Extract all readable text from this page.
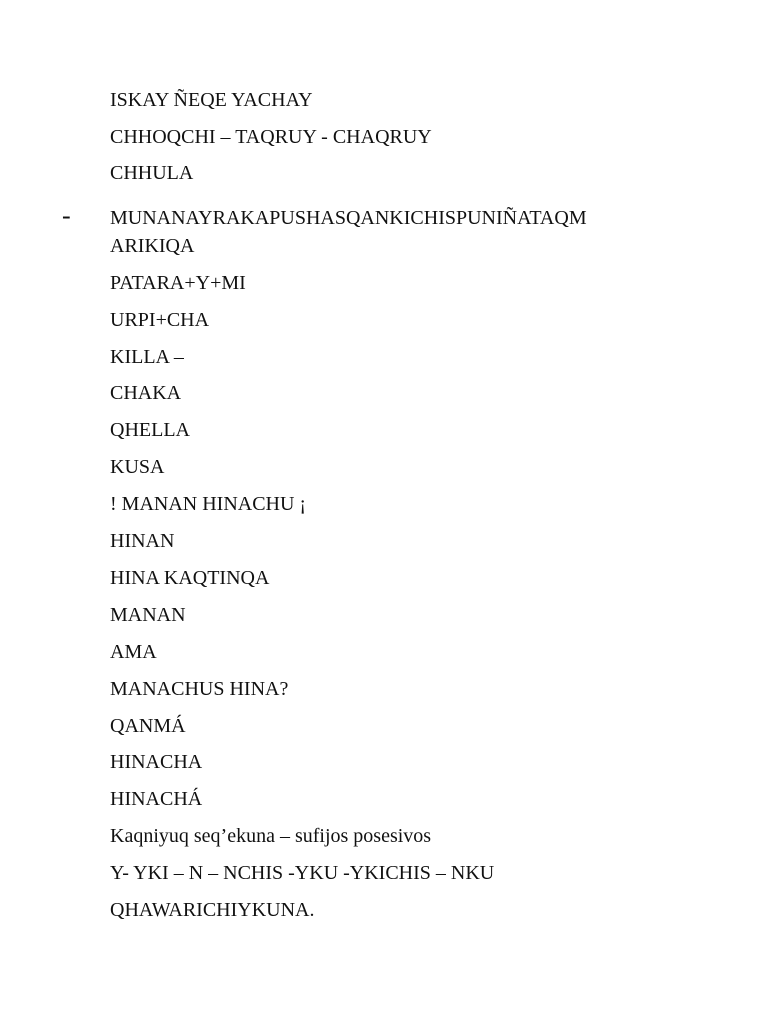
-
ISKAY ÑEQE YACHAY
CHHOQCHI – TAQRUY - CHAQRUY
CHHULA
MUNANAYRAKAPUSHASQANKICHISPUNIÑATAQM
ARIKIQA
PATARA+Y+MI
URPI+CHA
KILLA –
CHAKA
QHELLA
KUSA
! MANAN HINACHU ¡
HINAN
HINA KAQTINQA
MANAN
AMA
MANACHUS HINA?
QANMÁ
HINACHA
HINACHÁ
Kaqniyuq seq’ekuna – sufijos posesivos
Y- YKI – N – NCHIS -YKU -YKICHIS – NKU
QHAWARICHIYKUNA.
